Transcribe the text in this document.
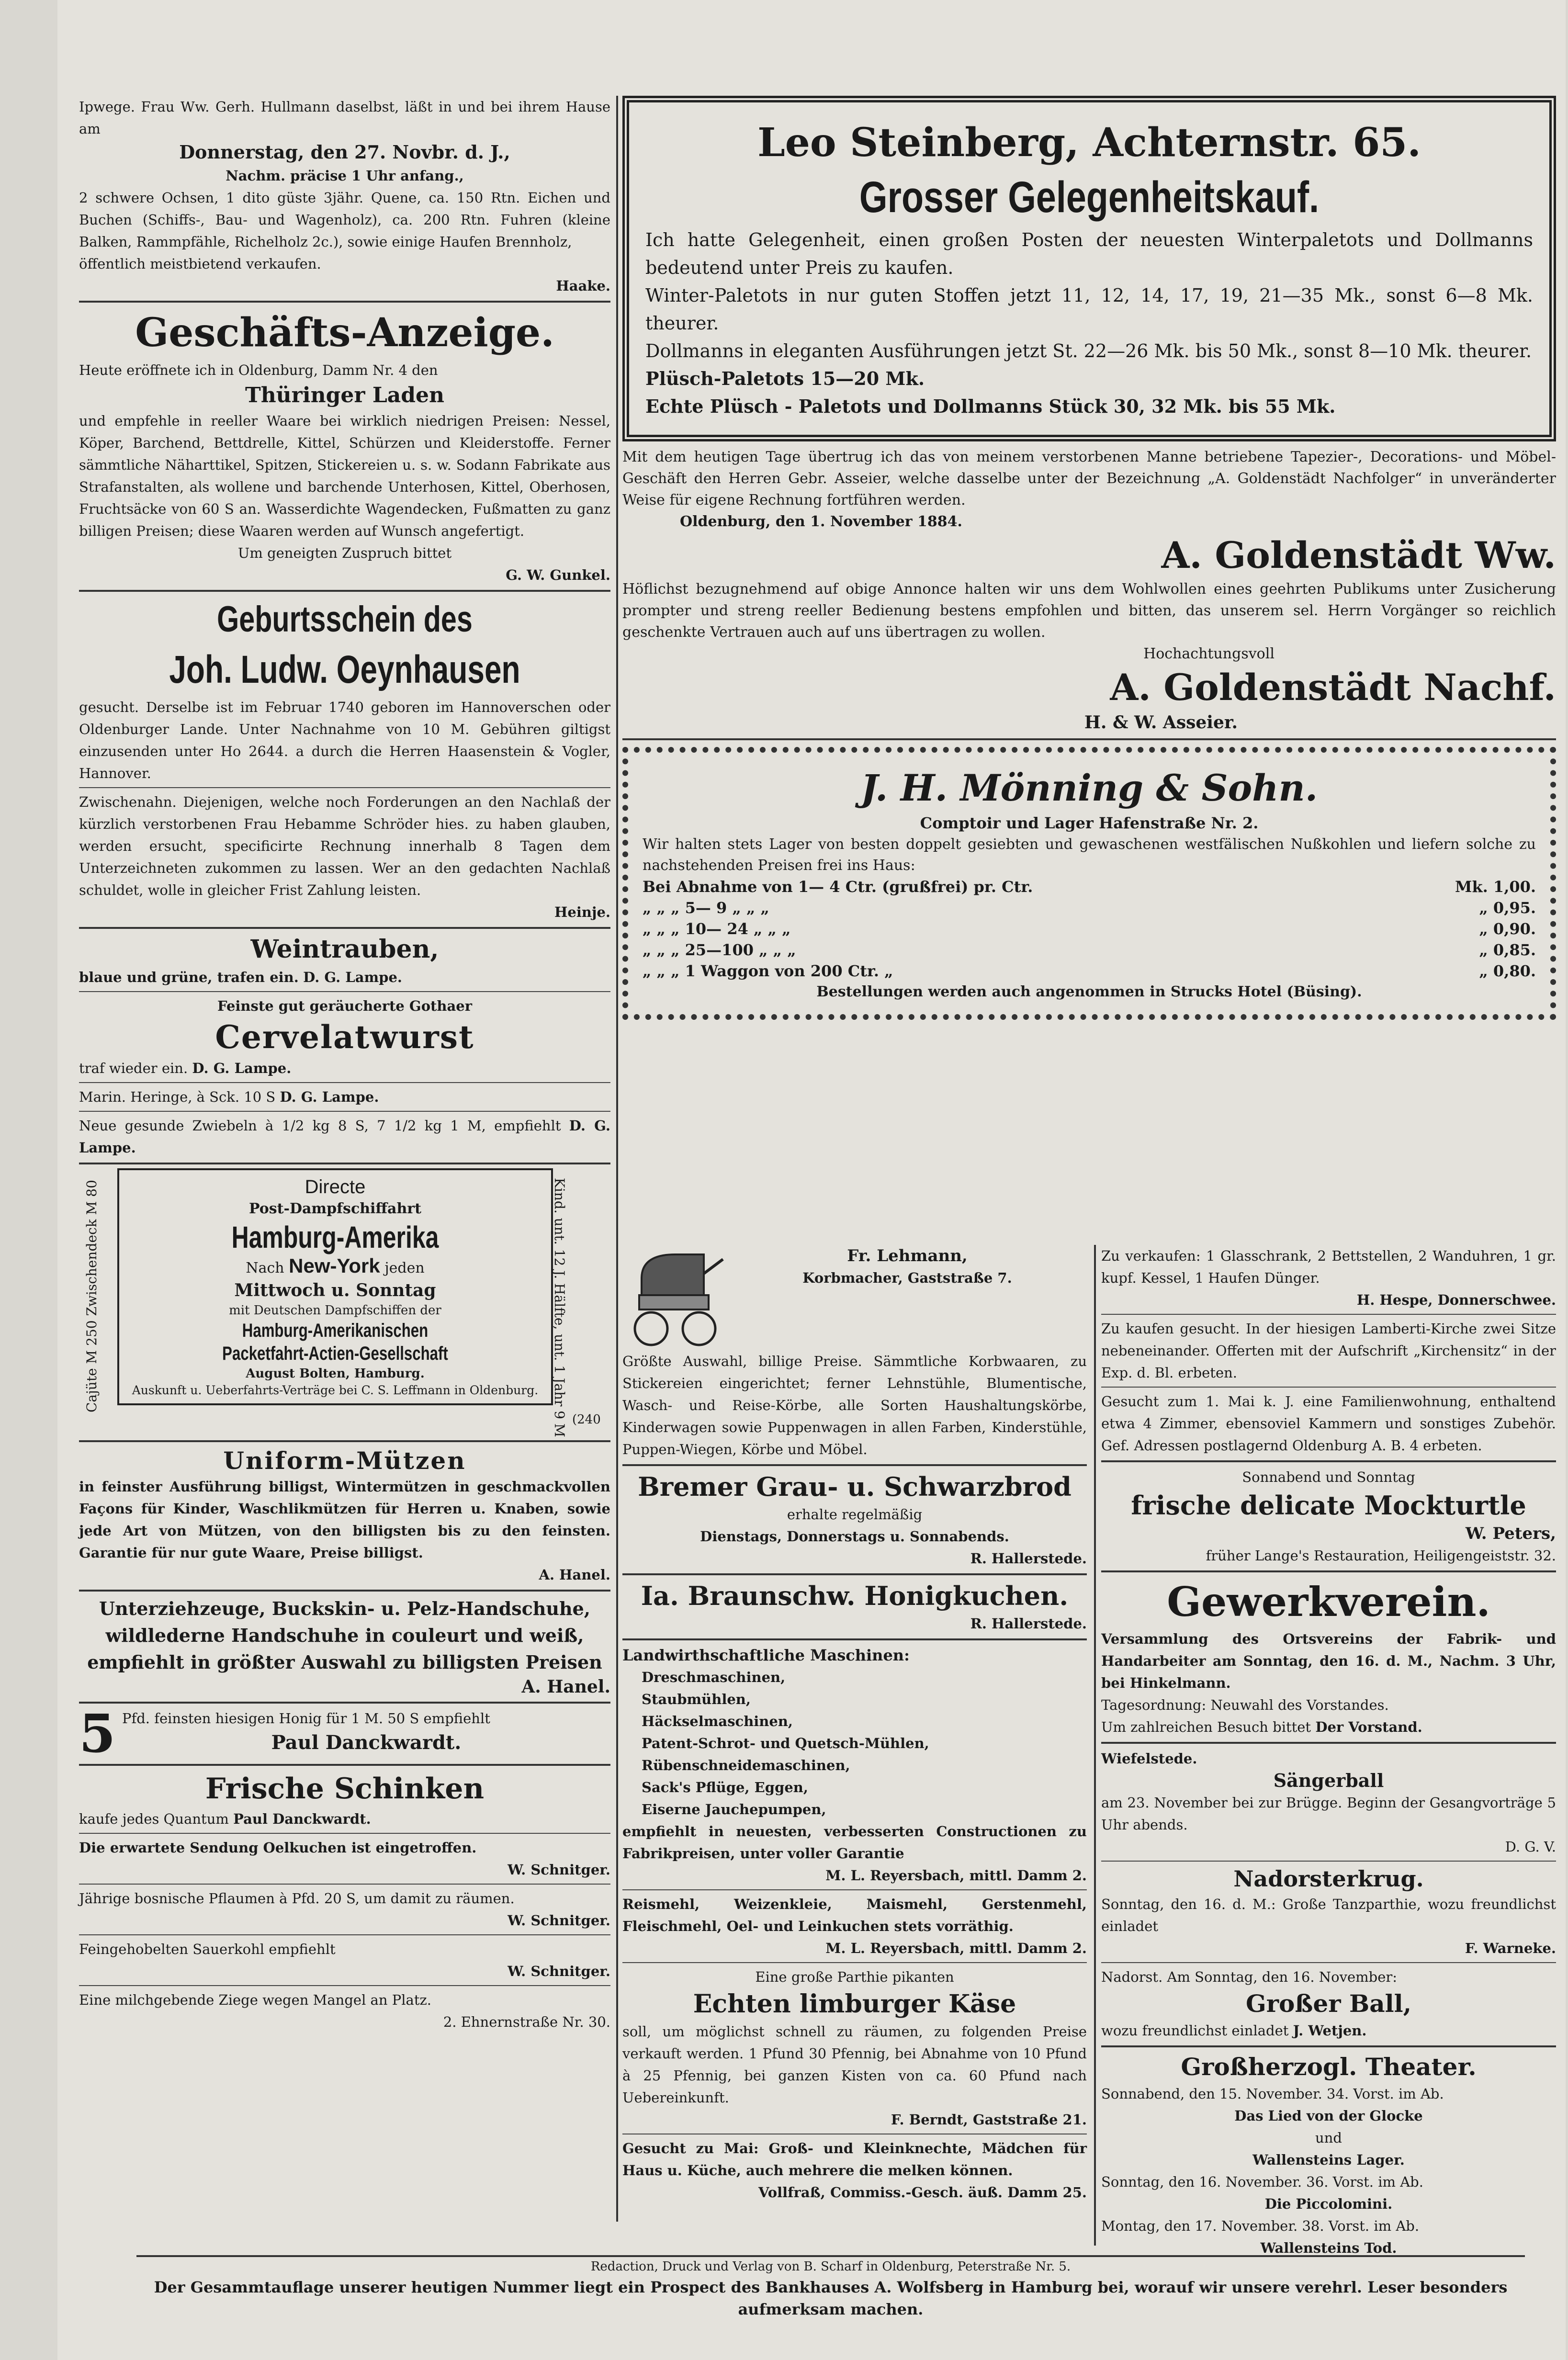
Ipwege. Frau Ww. Gerh. Hullmann daselbst, läßt in und bei ihrem Hause am

Donnerstag, den 27. Novbr. d. J.,

Nachm. präcise 1 Uhr anfang.,

2 schwere Ochsen, 1 dito güste 3jähr. Quene, ca. 150 Rtn. Eichen und Buchen (Schiffs-, Bau- und Wagenholz), ca. 200 Rtn. Fuhren (kleine Balken, Rammpfähle, Richelholz 2c.), sowie einige Haufen Brennholz,

öffentlich meistbietend verkaufen.

Haake.

Geschäfts-Anzeige.

Heute eröffnete ich in Oldenburg, Damm Nr. 4 den

Thüringer Laden

und empfehle in reeller Waare bei wirklich niedrigen Preisen: Nessel, Köper, Barchend, Bettdrelle, Kittel, Schürzen und Kleiderstoffe. Ferner sämmtliche Näharttikel, Spitzen, Stickereien u. s. w. Sodann Fabrikate aus Strafanstalten, als wollene und barchende Unterhosen, Kittel, Oberhosen, Fruchtsäcke von 60 S an. Wasserdichte Wagendecken, Fußmatten zu ganz billigen Preisen; diese Waaren werden auf Wunsch angefertigt.

Um geneigten Zuspruch bittet

G. W. Gunkel.

Geburtsschein des
Joh. Ludw. Oeynhausen

gesucht. Derselbe ist im Februar 1740 geboren im Hannoverschen oder Oldenburger Lande. Unter Nachnahme von 10 M. Gebühren giltigst einzusenden unter Ho 2644. a durch die Herren Haasenstein & Vogler, Hannover.

Zwischenahn. Diejenigen, welche noch Forderungen an den Nachlaß der kürzlich verstorbenen Frau Hebamme Schröder hies. zu haben glauben, werden ersucht, specificirte Rechnung innerhalb 8 Tagen dem Unterzeichneten zukommen zu lassen. Wer an den gedachten Nachlaß schuldet, wolle in gleicher Frist Zahlung leisten.

Heinje.

Weintrauben,

blaue und grüne, trafen ein. D. G. Lampe.

Feinste gut geräucherte Gothaer

Cervelatwurst

traf wieder ein. D. G. Lampe.

Marin. Heringe, à Sck. 10 S D. G. Lampe.

Neue gesunde Zwiebeln à 1/2 kg 8 S, 7 1/2 kg 1 M, empfiehlt D. G. Lampe.

Cajüte M 250 Zwischendeck M 80	Directe
Post-Dampfschiffahrt
Hamburg-Amerika
Nach New-York jeden
Mittwoch u. Sonntag
mit Deutschen Dampfschiffen der
Hamburg-Amerikanischen
Packetfahrt-Actien-Gesellschaft
August Bolten, Hamburg.
Auskunft u. Ueberfahrts-Verträge bei C. S. Leffmann in Oldenburg. Kind. unt. 12 J. Hälfte, unt. 1 Jahr 9 M (240
Uniform-Mützen

in feinster Ausführung billigst, Wintermützen in geschmackvollen Façons für Kinder, Waschlikmützen für Herren u. Knaben, sowie jede Art von Mützen, von den billigsten bis zu den feinsten. Garantie für nur gute Waare, Preise billigst.

A. Hanel.

Unterziehzeuge, Buckskin- u. Pelz-Handschuhe, wildlederne Handschuhe in couleurt und weiß, empfiehlt in größter Auswahl zu billigsten Preisen

A. Hanel.

5 Pfd. feinsten hiesigen Honig für 1 M. 50 S empfiehlt

Paul Danckwardt.

Frische Schinken

kaufe jedes Quantum Paul Danckwardt.

Die erwartete Sendung Oelkuchen ist eingetroffen.

W. Schnitger.

Jährige bosnische Pflaumen à Pfd. 20 S, um damit zu räumen.

W. Schnitger.

Feingehobelten Sauerkohl empfiehlt

W. Schnitger.

Eine milchgebende Ziege wegen Mangel an Platz.

2. Ehnernstraße Nr. 30.

Leo Steinberg, Achternstr. 65.
Grosser Gelegenheitskauf.

Ich hatte Gelegenheit, einen großen Posten der neuesten Winterpaletots und Dollmanns bedeutend unter Preis zu kaufen.

Winter-Paletots in nur guten Stoffen jetzt 11, 12, 14, 17, 19, 21—35 Mk., sonst 6—8 Mk. theurer.

Dollmanns in eleganten Ausführungen jetzt St. 22—26 Mk. bis 50 Mk., sonst 8—10 Mk. theurer.

Plüsch-Paletots 15—20 Mk.

Echte Plüsch - Paletots und Dollmanns Stück 30, 32 Mk. bis 55 Mk.

Mit dem heutigen Tage übertrug ich das von meinem verstorbenen Manne betriebene Tapezier-, Decorations- und Möbel-Geschäft den Herren Gebr. Asseier, welche dasselbe unter der Bezeichnung „A. Goldenstädt Nachfolger“ in unveränderter Weise für eigene Rechnung fortführen werden.

Oldenburg, den 1. November 1884.

A. Goldenstädt Ww.

Höflichst bezugnehmend auf obige Annonce halten wir uns dem Wohlwollen eines geehrten Publikums unter Zusicherung prompter und streng reeller Bedienung bestens empfohlen und bitten, das unserem sel. Herrn Vorgänger so reichlich geschenkte Vertrauen auch auf uns übertragen zu wollen.

Hochachtungsvoll

A. Goldenstädt Nachf.

H. & W. Asseier.

J. H. Mönning & Sohn.

Comptoir und Lager Hafenstraße Nr. 2.

Wir halten stets Lager von besten doppelt gesiebten und gewaschenen westfälischen Nußkohlen und liefern solche zu nachstehenden Preisen frei ins Haus:

Bei Abnahme von 1— 4 Ctr. (grußfrei) pr. Ctr.	Mk. 1,00.
„ „ „ 5— 9 „ „ „	„ 0,95.
„ „ „ 10— 24 „ „ „	„ 0,90.
„ „ „ 25—100 „ „ „	„ 0,85.
„ „ „ 1 Waggon von 200 Ctr. „	„ 0,80.

Bestellungen werden auch angenommen in Strucks Hotel (Büsing).

Fr. Lehmann,

Korbmacher, Gaststraße 7.

Größte Auswahl, billige Preise. Sämmtliche Korbwaaren, zu Stickereien eingerichtet; ferner Lehnstühle, Blumentische, Wasch- und Reise-Körbe, alle Sorten Haushaltungskörbe, Kinderwagen sowie Puppenwagen in allen Farben, Kinderstühle, Puppen-Wiegen, Körbe und Möbel.

Bremer Grau- u. Schwarzbrod

erhalte regelmäßig

Dienstags, Donnerstags u. Sonnabends.

R. Hallerstede.

Ia. Braunschw. Honigkuchen.

R. Hallerstede.

Landwirthschaftliche Maschinen:

Dreschmaschinen,

Staubmühlen,

Häckselmaschinen,

Patent-Schrot- und Quetsch-Mühlen,

Rübenschneidemaschinen,

Sack's Pflüge, Eggen,

Eiserne Jauchepumpen,

empfiehlt in neuesten, verbesserten Constructionen zu Fabrikpreisen, unter voller Garantie

M. L. Reyersbach, mittl. Damm 2.

Reismehl, Weizenkleie, Maismehl, Gerstenmehl, Fleischmehl, Oel- und Leinkuchen stets vorräthig.

M. L. Reyersbach, mittl. Damm 2.

Eine große Parthie pikanten

Echten limburger Käse

soll, um möglichst schnell zu räumen, zu folgenden Preise verkauft werden. 1 Pfund 30 Pfennig, bei Abnahme von 10 Pfund à 25 Pfennig, bei ganzen Kisten von ca. 60 Pfund nach Uebereinkunft.

F. Berndt, Gaststraße 21.

Gesucht zu Mai: Groß- und Kleinknechte, Mädchen für Haus u. Küche, auch mehrere die melken können.

Vollfraß, Commiss.-Gesch. äuß. Damm 25.

Zu verkaufen: 1 Glasschrank, 2 Bettstellen, 2 Wanduhren, 1 gr. kupf. Kessel, 1 Haufen Dünger.

H. Hespe, Donnerschwee.

Zu kaufen gesucht. In der hiesigen Lamberti-Kirche zwei Sitze nebeneinander. Offerten mit der Aufschrift „Kirchensitz“ in der Exp. d. Bl. erbeten.

Gesucht zum 1. Mai k. J. eine Familienwohnung, enthaltend etwa 4 Zimmer, ebensoviel Kammern und sonstiges Zubehör. Gef. Adressen postlagernd Oldenburg A. B. 4 erbeten.

Sonnabend und Sonntag

frische delicate Mockturtle

W. Peters,

früher Lange's Restauration, Heiligengeiststr. 32.

Gewerkverein.

Versammlung des Ortsvereins der Fabrik- und Handarbeiter am Sonntag, den 16. d. M., Nachm. 3 Uhr, bei Hinkelmann.

Tagesordnung: Neuwahl des Vorstandes.

Um zahlreichen Besuch bittet Der Vorstand.

Wiefelstede.

Sängerball

am 23. November bei zur Brügge. Beginn der Gesangvorträge 5 Uhr abends.

D. G. V.

Nadorsterkrug.

Sonntag, den 16. d. M.: Große Tanzparthie, wozu freundlichst einladet

F. Warneke.

Nadorst. Am Sonntag, den 16. November:

Großer Ball,

wozu freundlichst einladet J. Wetjen.

Großherzogl. Theater.

Sonnabend, den 15. November. 34. Vorst. im Ab.

Das Lied von der Glocke

und

Wallensteins Lager.

Sonntag, den 16. November. 36. Vorst. im Ab.

Die Piccolomini.

Montag, den 17. November. 38. Vorst. im Ab.

Wallensteins Tod.

Redaction, Druck und Verlag von B. Scharf in Oldenburg, Peterstraße Nr. 5.

Der Gesammtauflage unserer heutigen Nummer liegt ein Prospect des Bankhauses A. Wolfsberg in Hamburg bei, worauf wir unsere verehrl. Leser besonders aufmerksam machen.
